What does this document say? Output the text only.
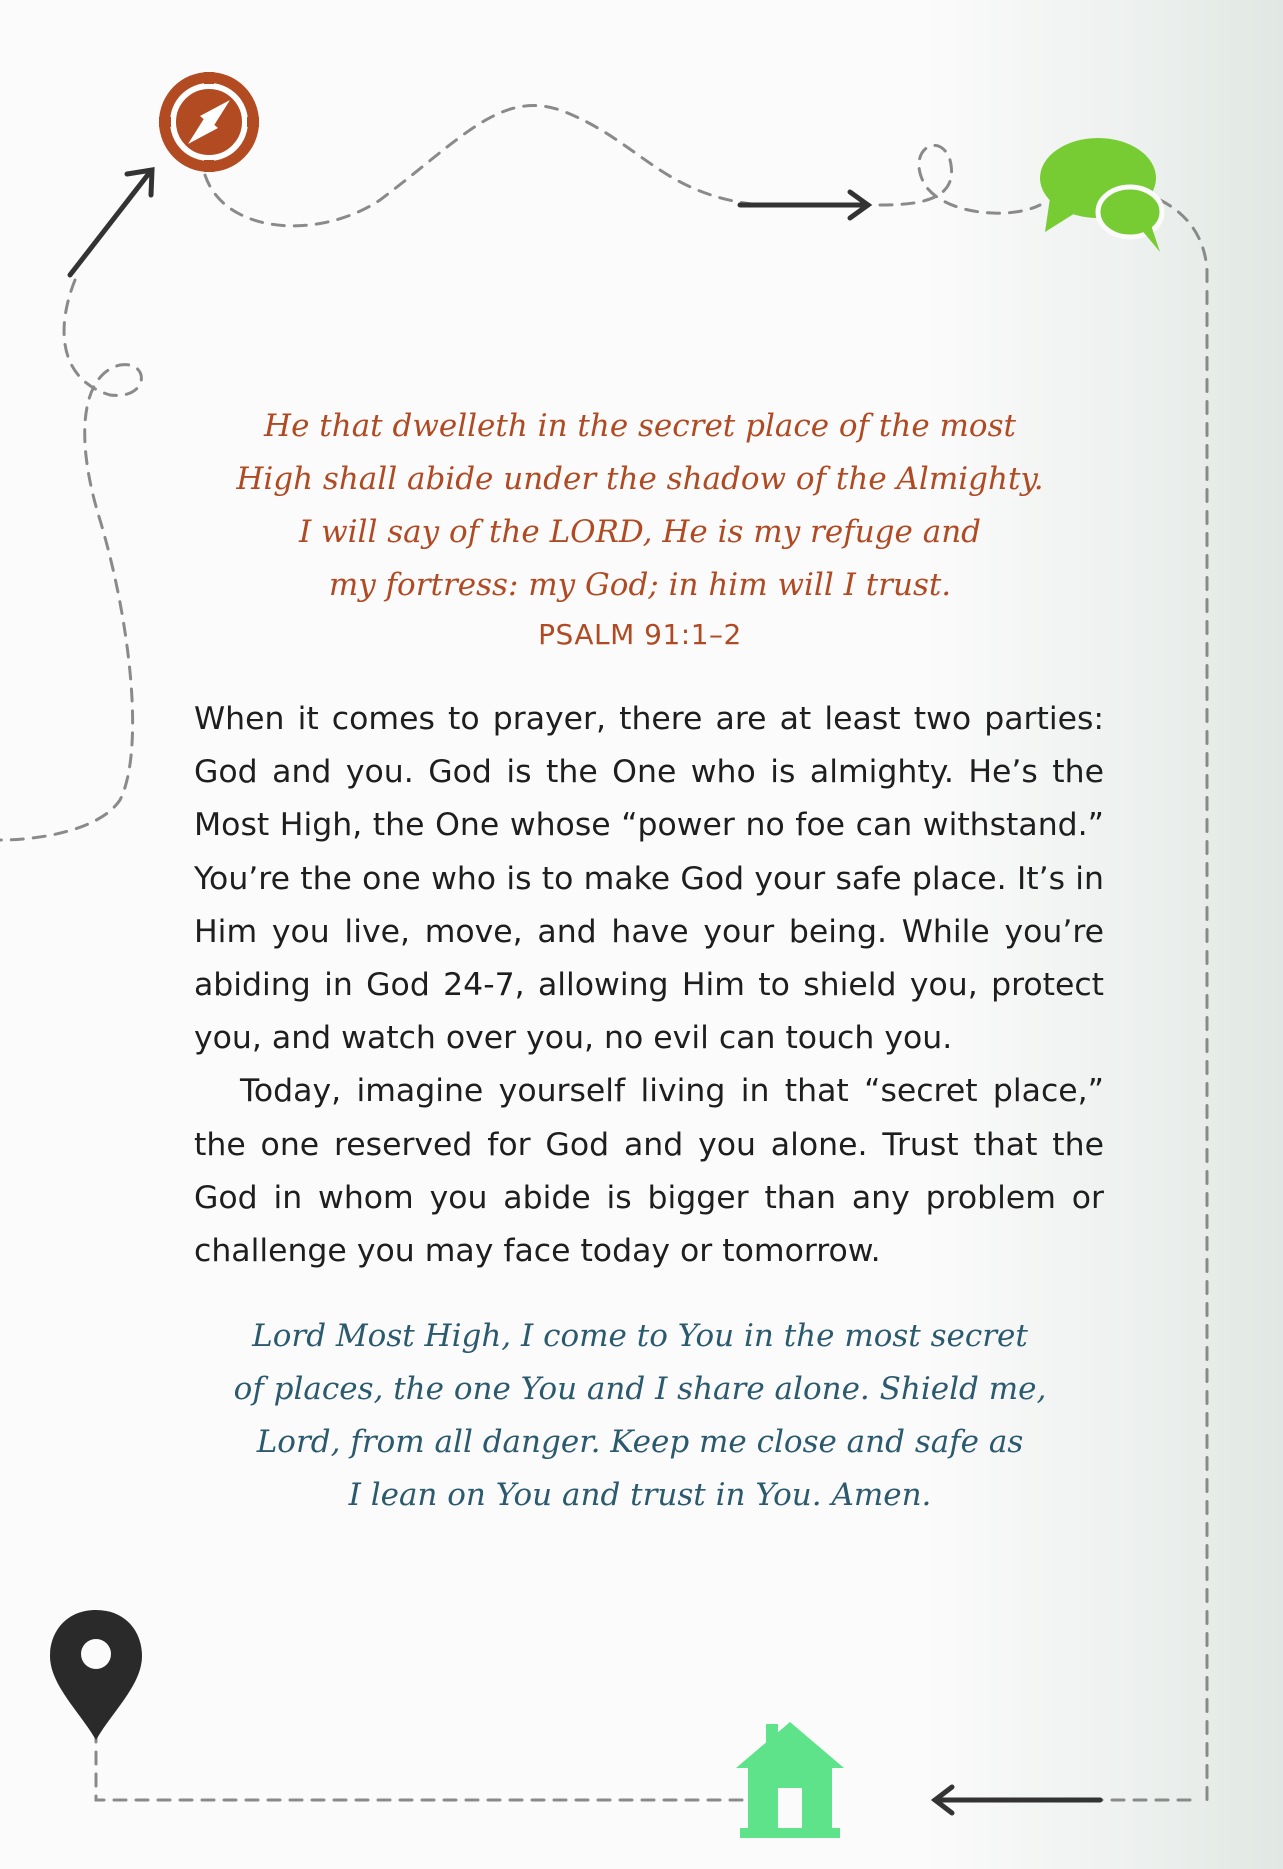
He that dwelleth in the secret place of the most
High shall abide under the shadow of the Almighty.
I will say of the LORD, He is my refuge and
my fortress: my God; in him will I trust.
PSALM 91:1–2

When it comes to prayer, there are at least two parties: God and you. God is the One who is almighty. He’s the Most High, the One whose “power no foe can withstand.” You’re the one who is to make God your safe place. It’s in Him you live, move, and have your being. While you’re abiding in God 24-7, allowing Him to shield you, protect you, and watch over you, no evil can touch you.

Today, imagine yourself living in that “secret place,” the one reserved for God and you alone. Trust that the God in whom you abide is bigger than any problem or challenge you may face today or tomorrow.

Lord Most High, I come to You in the most secret
of places, the one You and I share alone. Shield me,
Lord, from all danger. Keep me close and safe as
I lean on You and trust in You. Amen.
